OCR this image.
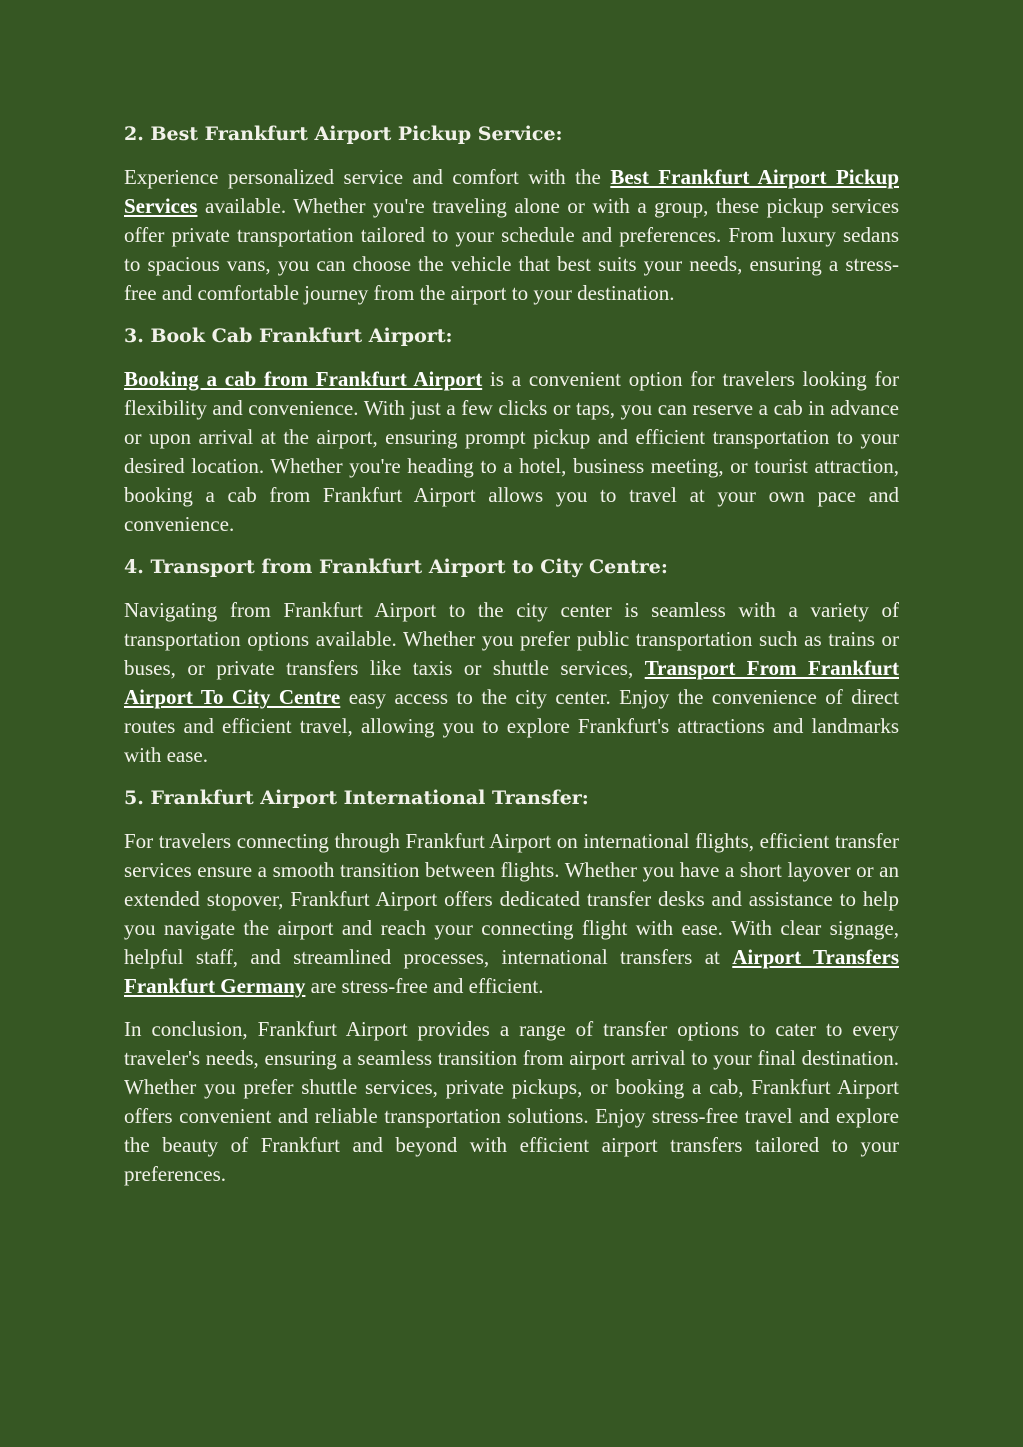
2. Best Frankfurt Airport Pickup Service:

Experience personalized service and comfort with the Best Frankfurt Airport Pickup Services available. Whether you're traveling alone or with a group, these pickup services offer private transportation tailored to your schedule and preferences. From luxury sedans to spacious vans, you can choose the vehicle that best suits your needs, ensuring a stress-free and comfortable journey from the airport to your destination.

3. Book Cab Frankfurt Airport:

Booking a cab from Frankfurt Airport is a convenient option for travelers looking for flexibility and convenience. With just a few clicks or taps, you can reserve a cab in advance or upon arrival at the airport, ensuring prompt pickup and efficient transportation to your desired location. Whether you're heading to a hotel, business meeting, or tourist attraction, booking a cab from Frankfurt Airport allows you to travel at your own pace and convenience.

4. Transport from Frankfurt Airport to City Centre:

Navigating from Frankfurt Airport to the city center is seamless with a variety of transportation options available. Whether you prefer public transportation such as trains or buses, or private transfers like taxis or shuttle services, Transport From Frankfurt Airport To City Centre easy access to the city center. Enjoy the convenience of direct routes and efficient travel, allowing you to explore Frankfurt's attractions and landmarks with ease.

5. Frankfurt Airport International Transfer:

For travelers connecting through Frankfurt Airport on international flights, efficient transfer services ensure a smooth transition between flights. Whether you have a short layover or an extended stopover, Frankfurt Airport offers dedicated transfer desks and assistance to help you navigate the airport and reach your connecting flight with ease. With clear signage, helpful staff, and streamlined processes, international transfers at Airport Transfers Frankfurt Germany are stress-free and efficient.

In conclusion, Frankfurt Airport provides a range of transfer options to cater to every traveler's needs, ensuring a seamless transition from airport arrival to your final destination. Whether you prefer shuttle services, private pickups, or booking a cab, Frankfurt Airport offers convenient and reliable transportation solutions. Enjoy stress-free travel and explore the beauty of Frankfurt and beyond with efficient airport transfers tailored to your preferences.
